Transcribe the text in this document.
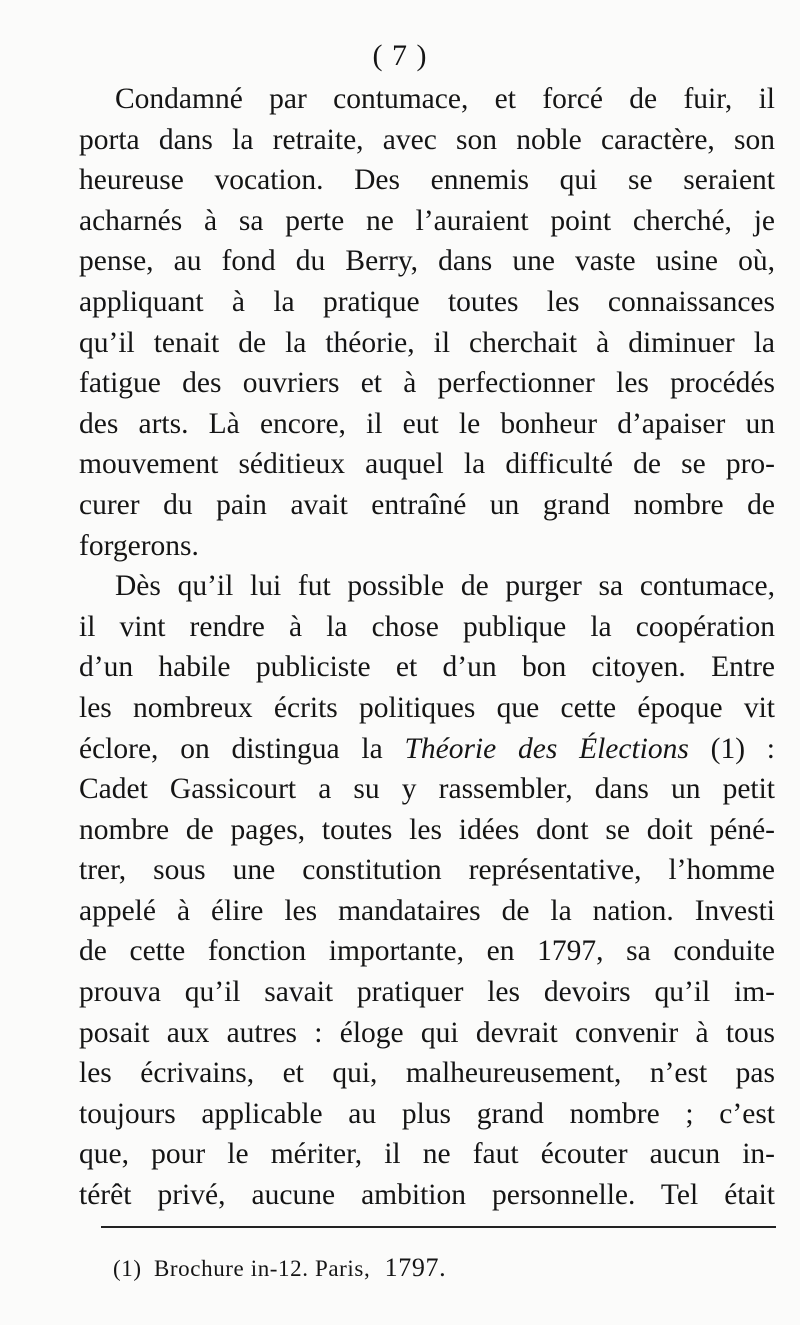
( 7 )
Condamné par contumace, et forcé de fuir, il
porta dans la retraite, avec son noble caractère, son
heureuse vocation. Des ennemis qui se seraient
acharnés à sa perte ne l’auraient point cherché, je
pense, au fond du Berry, dans une vaste usine où,
appliquant à la pratique toutes les connaissances
qu’il tenait de la théorie, il cherchait à diminuer la
fatigue des ouvriers et à perfectionner les procédés
des arts. Là encore, il eut le bonheur d’apaiser un
mouvement séditieux auquel la difficulté de se pro-
curer du pain avait entraîné un grand nombre de
forgerons.
Dès qu’il lui fut possible de purger sa contumace,
il vint rendre à la chose publique la coopération
d’un habile publiciste et d’un bon citoyen. Entre
les nombreux écrits politiques que cette époque vit
éclore, on distingua la Théorie des Élections (1) :
Cadet Gassicourt a su y rassembler, dans un petit
nombre de pages, toutes les idées dont se doit péné-
trer, sous une constitution représentative, l’homme
appelé à élire les mandataires de la nation. Investi
de cette fonction importante, en 1797, sa conduite
prouva qu’il savait pratiquer les devoirs qu’il im-
posait aux autres : éloge qui devrait convenir à tous
les écrivains, et qui, malheureusement, n’est pas
toujours applicable au plus grand nombre ; c’est
que, pour le mériter, il ne faut écouter aucun in-
térêt privé, aucune ambition personnelle. Tel était
(1) Brochure in-12. Paris, 1797.
